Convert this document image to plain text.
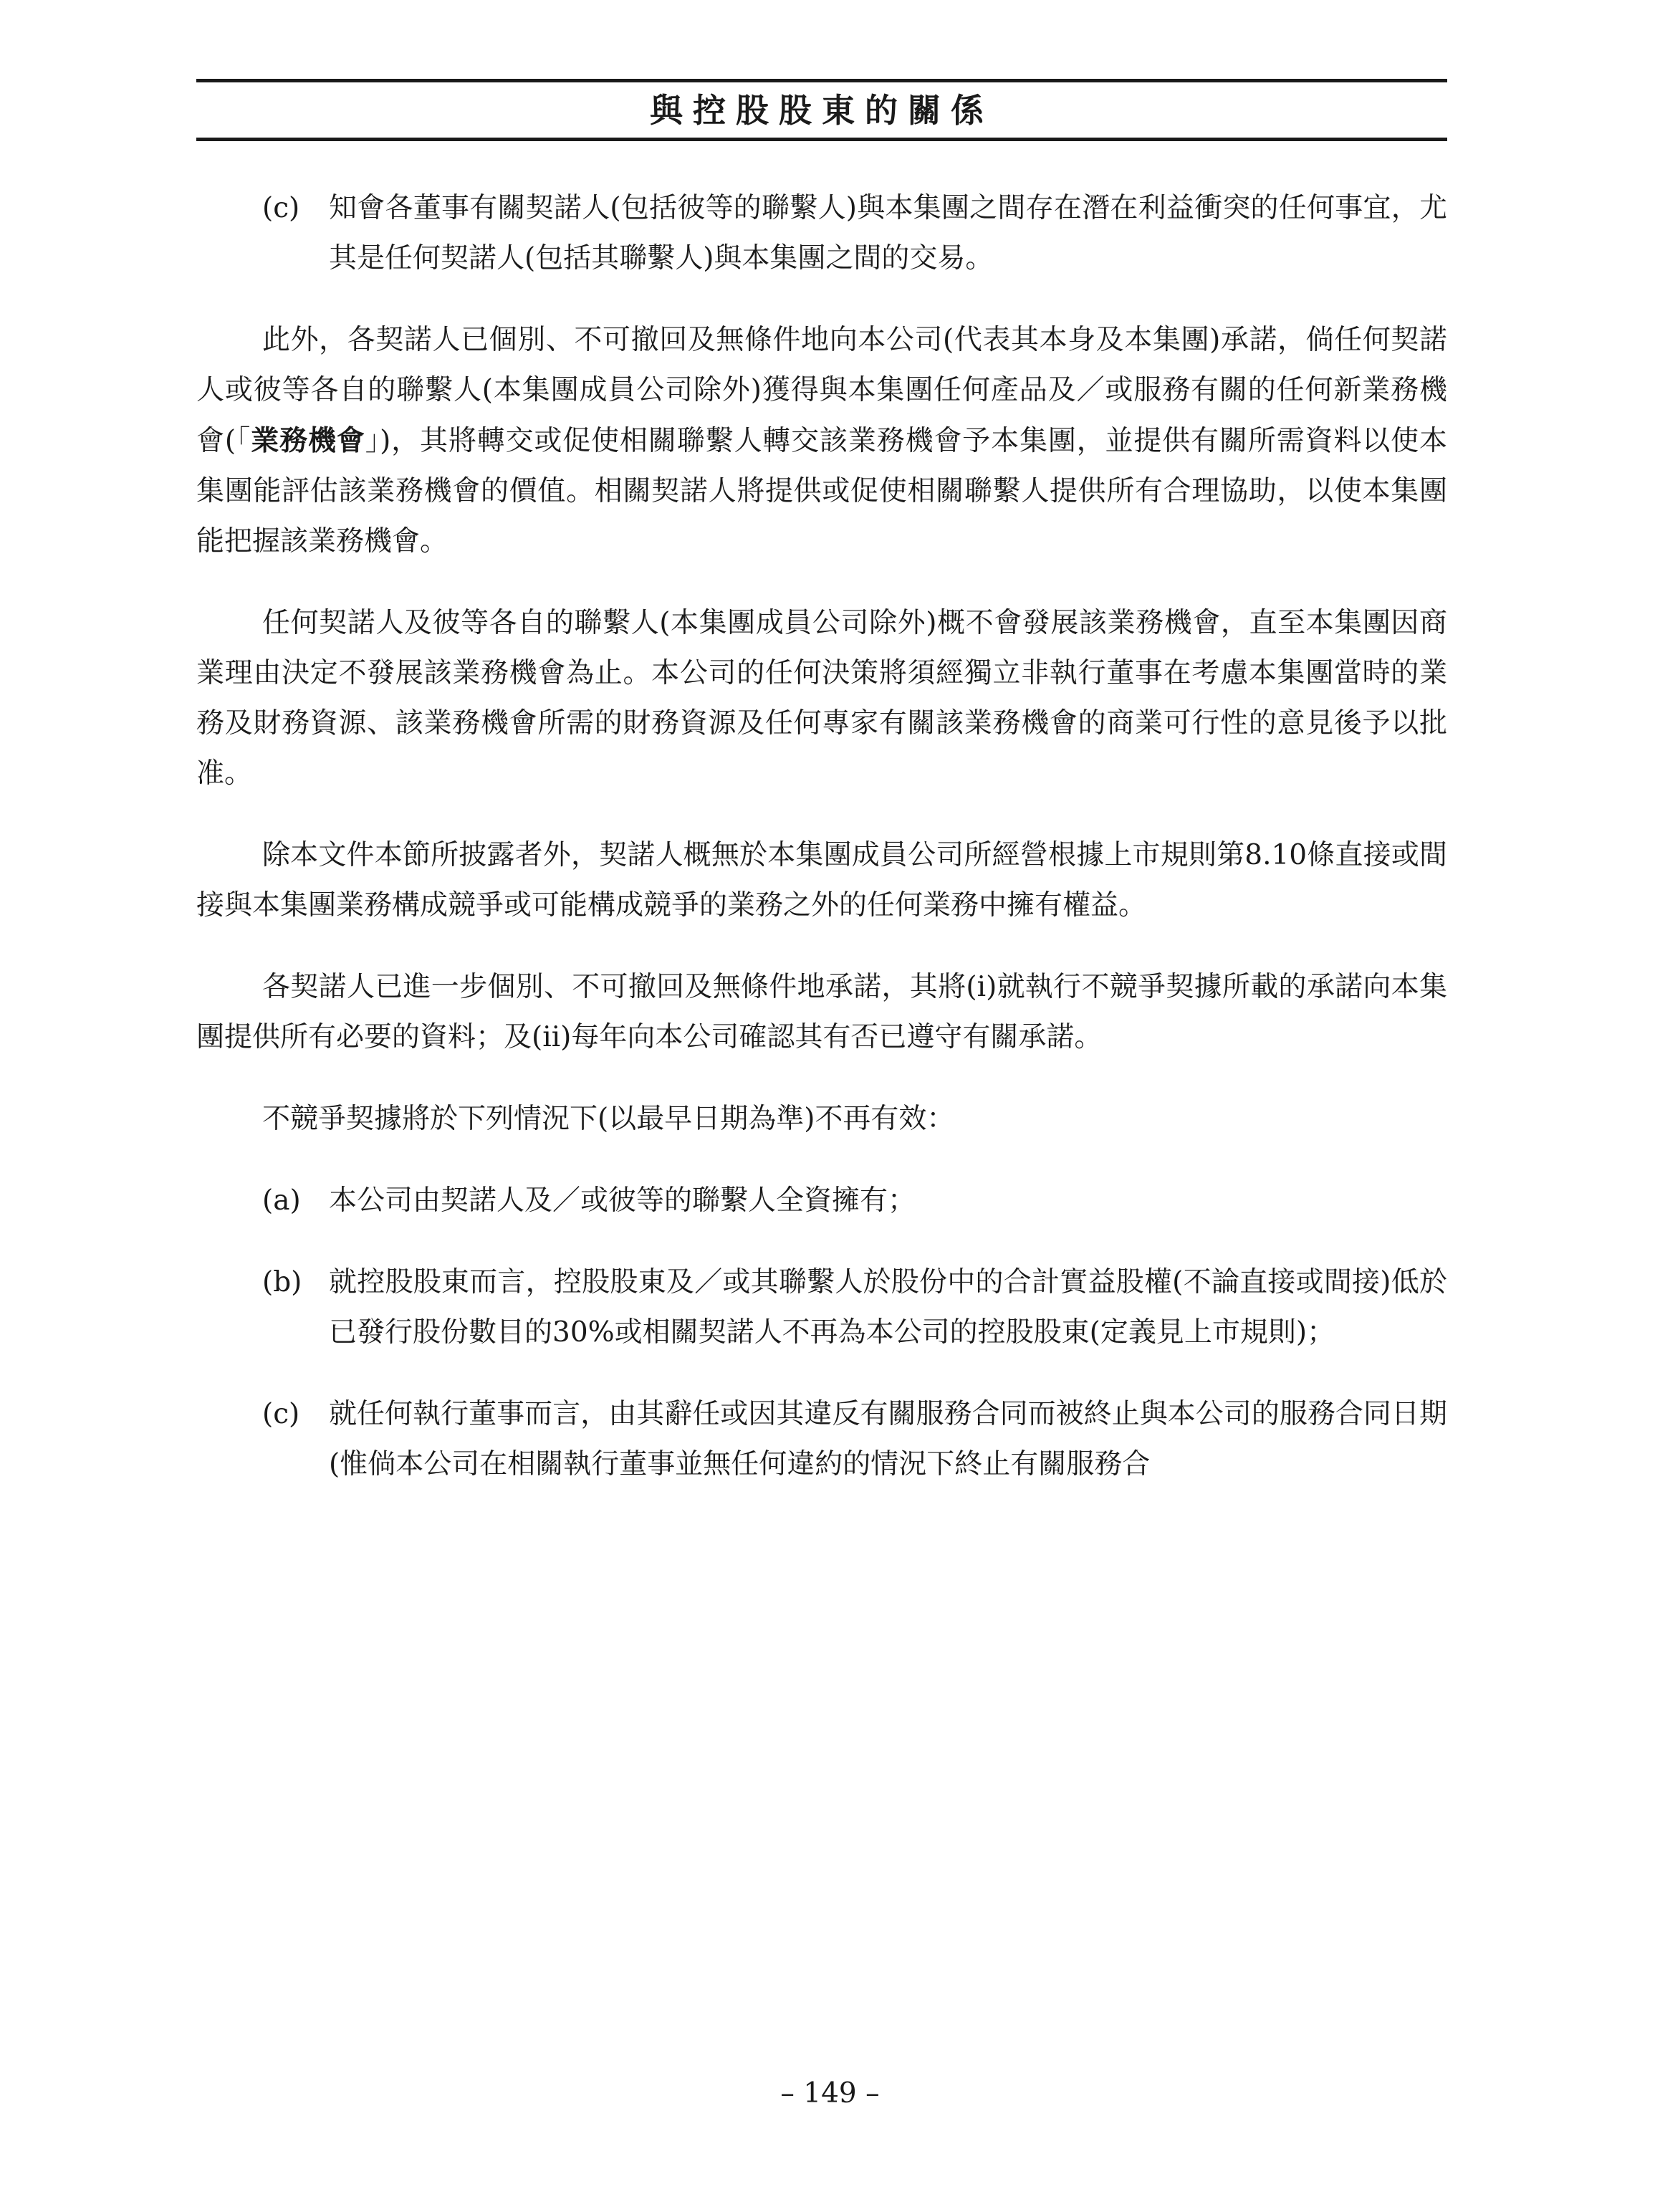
與控股股東的關係
(c) 知會各董事有關契諾人(包括彼等的聯繫人)與本集團之間存在潛在利益衝突的任何事宜，尤其是任何契諾人(包括其聯繫人)與本集團之間的交易。

此外，各契諾人已個別、不可撤回及無條件地向本公司(代表其本身及本集團)承諾，倘任何契諾人或彼等各自的聯繫人(本集團成員公司除外)獲得與本集團任何產品及／或服務有關的任何新業務機會(「業務機會」)，其將轉交或促使相關聯繫人轉交該業務機會予本集團，並提供有關所需資料以使本集團能評估該業務機會的價值。相關契諾人將提供或促使相關聯繫人提供所有合理協助，以使本集團能把握該業務機會。

任何契諾人及彼等各自的聯繫人(本集團成員公司除外)概不會發展該業務機會，直至本集團因商業理由決定不發展該業務機會為止。本公司的任何決策將須經獨立非執行董事在考慮本集團當時的業務及財務資源、該業務機會所需的財務資源及任何專家有關該業務機會的商業可行性的意見後予以批准。

除本文件本節所披露者外，契諾人概無於本集團成員公司所經營根據上市規則第8.10條直接或間接與本集團業務構成競爭或可能構成競爭的業務之外的任何業務中擁有權益。

各契諾人已進一步個別、不可撤回及無條件地承諾，其將(i)就執行不競爭契據所載的承諾向本集團提供所有必要的資料；及(ii)每年向本公司確認其有否已遵守有關承諾。

不競爭契據將於下列情況下(以最早日期為準)不再有效：

(a) 本公司由契諾人及／或彼等的聯繫人全資擁有；
(b) 就控股股東而言，控股股東及／或其聯繫人於股份中的合計實益股權(不論直接或間接)低於已發行股份數目的30%或相關契諾人不再為本公司的控股股東(定義見上市規則)；
(c) 就任何執行董事而言，由其辭任或因其違反有關服務合同而被終止與本公司的服務合同日期(惟倘本公司在相關執行董事並無任何違約的情況下終止有關服務合
– 149 –
